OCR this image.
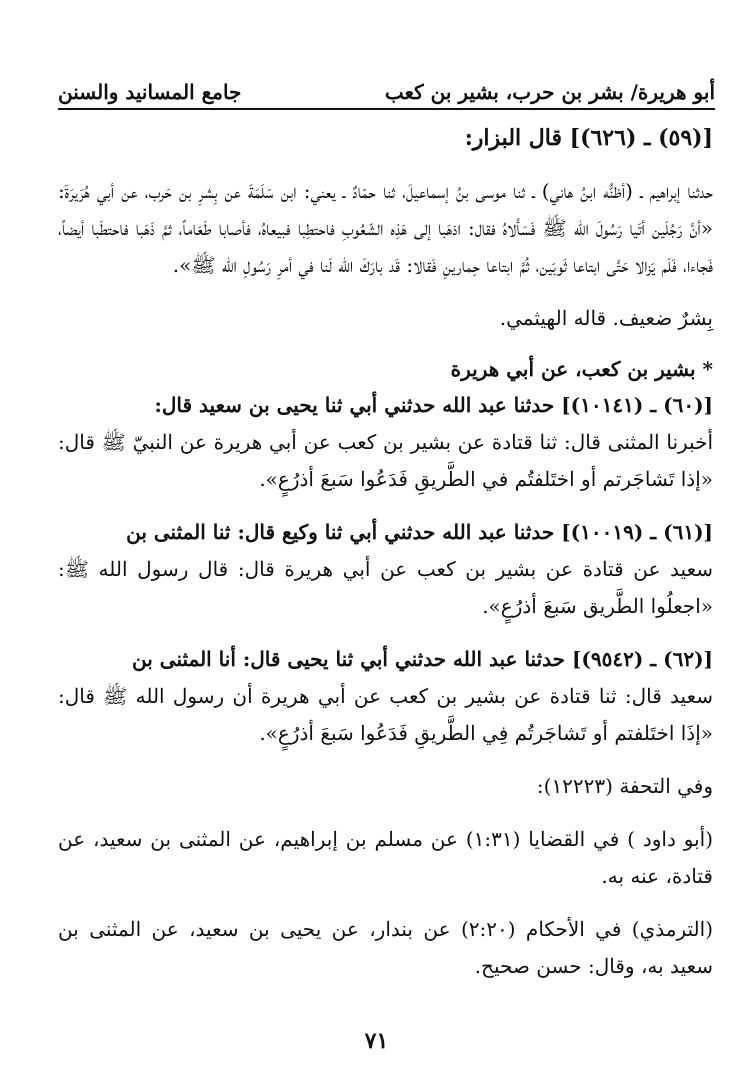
أبو هريرة/ بشر بن حرب، بشير بن كعب
جامع المسانيد والسنن
[(٥٩) ـ (٦٢٦)] قال البزار:

حدثنا إبراهيم ـ (أظنُّه ابنُ هاني) ـ ثنا موسى بنُ إسماعيلَ، ثنا حمّادٌ ـ يعني: ابن سَلَمَةَ عن بِشرِ بن حَرب، عن أبي هُرَيرَةَ: «أنَّ رَجُلَين أتَيا رَسُولَ الله ﷺ فَسَأَلاهُ فقال: اذهَبا إلى هَذِه الشّعُوبِ فاحتطِبا فبيعاهُ، فأصابا طَعَاماً، ثمَّ ذَهَبا فاحتطَبا أيضاً، فَجاءا، فَلَم يَزالا حَتَّى ابتاعا ثَوبَين، ثُمَّ ابتاعا حِمارينِ فَقالا: قَد بارَكَ الله لَنا في أمرِ رَسُولِ الله ﷺ».

بِشرٌ ضعيف. قاله الهيثمي.

* بشير بن كعب، عن أبي هريرة

[(٦٠) ـ (١٠١٤١)] حدثنا عبد الله حدثني أبي ثنا يحيى بن سعيد قال:

أخبرنا المثنى قال: ثنا قتادة عن بشير بن كعب عن أبي هريرة عن النبيّ ﷺ قال: «إذا تَشاجَرتم أو اختَلفتُم في الطَّريقِ فَدَعُوا سَبعَ أذرُعٍ».

[(٦١) ـ (١٠٠١٩)] حدثنا عبد الله حدثني أبي ثنا وكيع قال: ثنا المثنى بن

سعيد عن قتادة عن بشير بن كعب عن أبي هريرة قال: قال رسول الله ﷺ: «اجعلُوا الطَّريق سَبعَ أذرُعٍ».

[(٦٢) ـ (٩٥٤٢)] حدثنا عبد الله حدثني أبي ثنا يحيى قال: أنا المثنى بن

سعيد قال: ثنا قتادة عن بشير بن كعب عن أبي هريرة أن رسول الله ﷺ قال: «إذَا اختَلفتم أو تَشاجَرتُم فِي الطَّريقِ فَدَعُوا سَبعَ أذرُعٍ».

وفي التحفة (١٢٢٢٣):

(أبو داود ) في القضايا (١:٣١) عن مسلم بن إبراهيم، عن المثنى بن سعيد، عن قتادة، عنه به.

(الترمذي) في الأحكام (٢:٢٠) عن بندار، عن يحيى بن سعيد، عن المثنى بن سعيد به، وقال: حسن صحيح.

٧١
